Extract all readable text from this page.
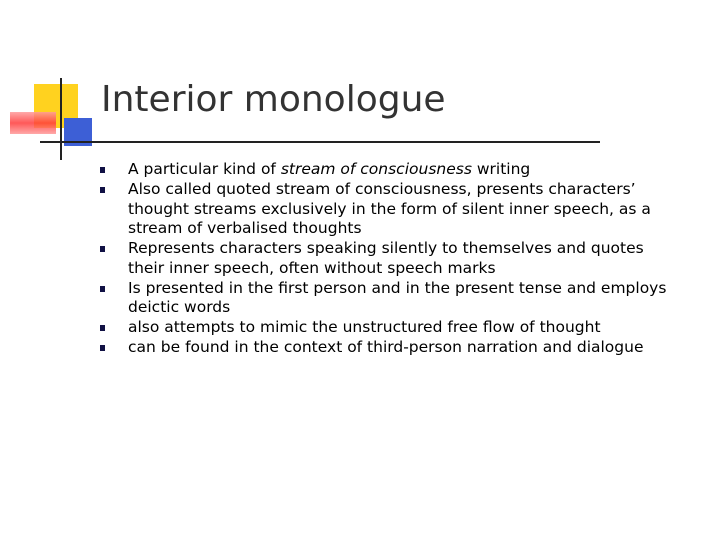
Interior monologue
A particular kind of stream of consciousness writing
Also called quoted stream of consciousness, presents characters’ thought streams exclusively in the form of silent inner speech, as a stream of verbalised thoughts
Represents characters speaking silently to themselves and quotes their inner speech, often without speech marks
Is presented in the first person and in the present tense and employs deictic words
also attempts to mimic the unstructured free flow of thought
can be found in the context of third-person narration and dialogue
